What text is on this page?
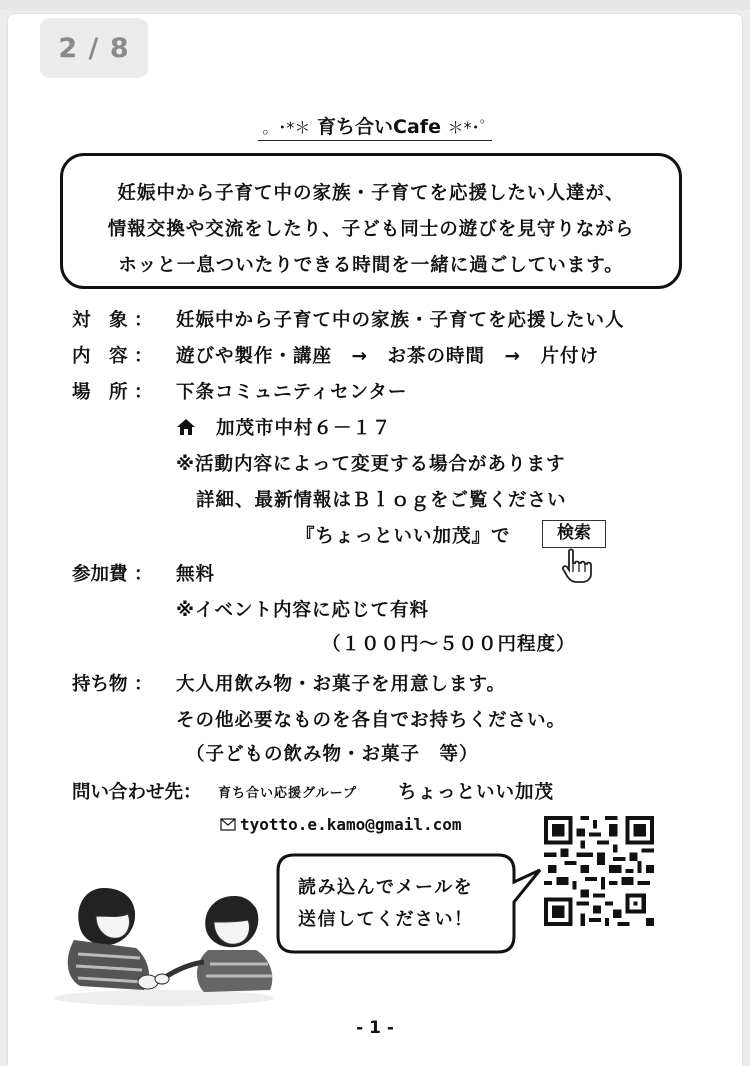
2 / 8
。･*＊ 育ち合いCafe ＊*･ﾟ
妊娠中から子育て中の家族・子育てを応援したい人達が、
情報交換や交流をしたり、子ども同士の遊びを見守りながら
ホッと一息ついたりできる時間を一緒に過ごしています。
対　象 ： 妊娠中から子育て中の家族・子育てを応援したい人
内　容 ： 遊びや製作・講座　→　お茶の時間　→　片付け
場　所 ： 下条コミュニティセンター
加茂市中村６－１７
※活動内容によって変更する場合があります
詳細、最新情報はＢｌｏｇをご覧ください
『ちょっといい加茂』で	検索
参加費 ： 無料
※イベント内容に応じて有料
（１００円～５００円程度）
持ち物 ： 大人用飲み物・お菓子を用意します。
その他必要なものを各自でお持ちください。
（子どもの飲み物・お菓子　等）
問い合わせ先： 育ち合い応援グループ ちょっといい加茂
tyotto.e.kamo@gmail.com
読み込んでメールを
送信してください！
- 1 -
